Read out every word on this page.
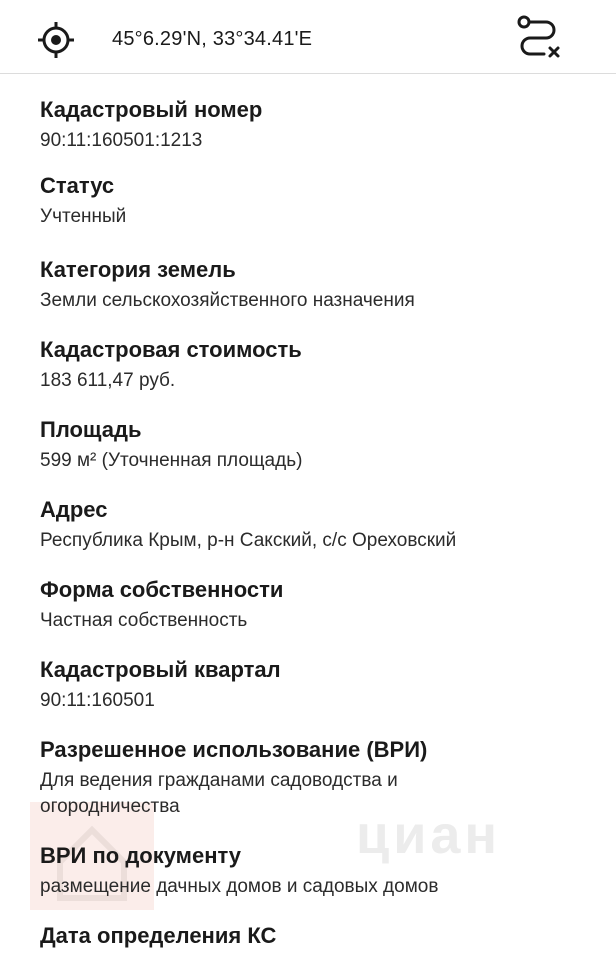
45°6.29'N, 33°34.41'E
циан
Кадастровый номер
90:11:160501:1213
Статус
Учтенный
Категория земель
Земли сельскохозяйственного назначения
Кадастровая стоимость
183 611,47 руб.
Площадь
599 м² (Уточненная площадь)
Адрес
Республика Крым, р-н Сакский, с/с Ореховский
Форма собственности
Частная собственность
Кадастровый квартал
90:11:160501
Разрешенное использование (ВРИ)
Для ведения гражданами садоводства и огородничества
ВРИ по документу
размещение дачных домов и садовых домов
Дата определения КС
